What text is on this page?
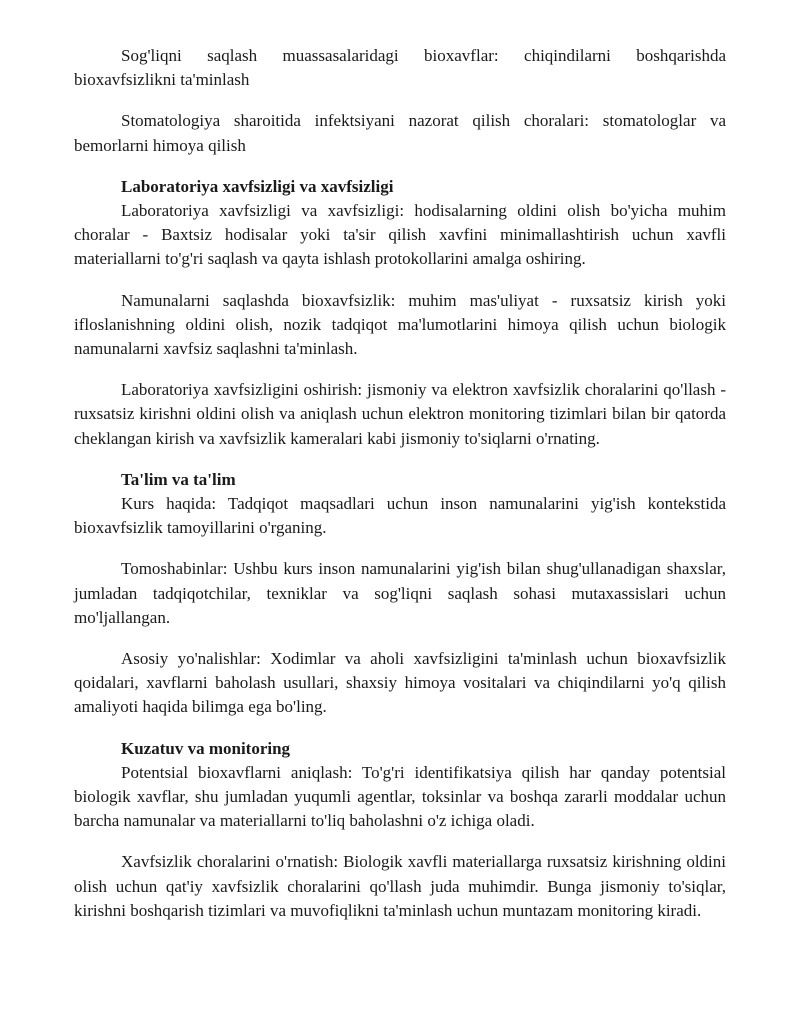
Sog'liqni saqlash muassasalaridagi bioxavflar: chiqindilarni boshqarishda bioxavfsizlikni ta'minlash

Stomatologiya sharoitida infektsiyani nazorat qilish choralari: stomatologlar va bemorlarni himoya qilish

Laboratoriya xavfsizligi va xavfsizligi

Laboratoriya xavfsizligi va xavfsizligi: hodisalarning oldini olish bo'yicha muhim choralar - Baxtsiz hodisalar yoki ta'sir qilish xavfini minimallashtirish uchun xavfli materiallarni to'g'ri saqlash va qayta ishlash protokollarini amalga oshiring.

Namunalarni saqlashda bioxavfsizlik: muhim mas'uliyat - ruxsatsiz kirish yoki ifloslanishning oldini olish, nozik tadqiqot ma'lumotlarini himoya qilish uchun biologik namunalarni xavfsiz saqlashni ta'minlash.

Laboratoriya xavfsizligini oshirish: jismoniy va elektron xavfsizlik choralarini qo'llash - ruxsatsiz kirishni oldini olish va aniqlash uchun elektron monitoring tizimlari bilan bir qatorda cheklangan kirish va xavfsizlik kameralari kabi jismoniy to'siqlarni o'rnating.

Ta'lim va ta'lim

Kurs haqida: Tadqiqot maqsadlari uchun inson namunalarini yig'ish kontekstida bioxavfsizlik tamoyillarini o'rganing.

Tomoshabinlar: Ushbu kurs inson namunalarini yig'ish bilan shug'ullanadigan shaxslar, jumladan tadqiqotchilar, texniklar va sog'liqni saqlash sohasi mutaxassislari uchun mo'ljallangan.

Asosiy yo'nalishlar: Xodimlar va aholi xavfsizligini ta'minlash uchun bioxavfsizlik qoidalari, xavflarni baholash usullari, shaxsiy himoya vositalari va chiqindilarni yo'q qilish amaliyoti haqida bilimga ega bo'ling.

Kuzatuv va monitoring

Potentsial bioxavflarni aniqlash: To'g'ri identifikatsiya qilish har qanday potentsial biologik xavflar, shu jumladan yuqumli agentlar, toksinlar va boshqa zararli moddalar uchun barcha namunalar va materiallarni to'liq baholashni o'z ichiga oladi.

Xavfsizlik choralarini o'rnatish: Biologik xavfli materiallarga ruxsatsiz kirishning oldini olish uchun qat'iy xavfsizlik choralarini qo'llash juda muhimdir. Bunga jismoniy to'siqlar, kirishni boshqarish tizimlari va muvofiqlikni ta'minlash uchun muntazam monitoring kiradi.
